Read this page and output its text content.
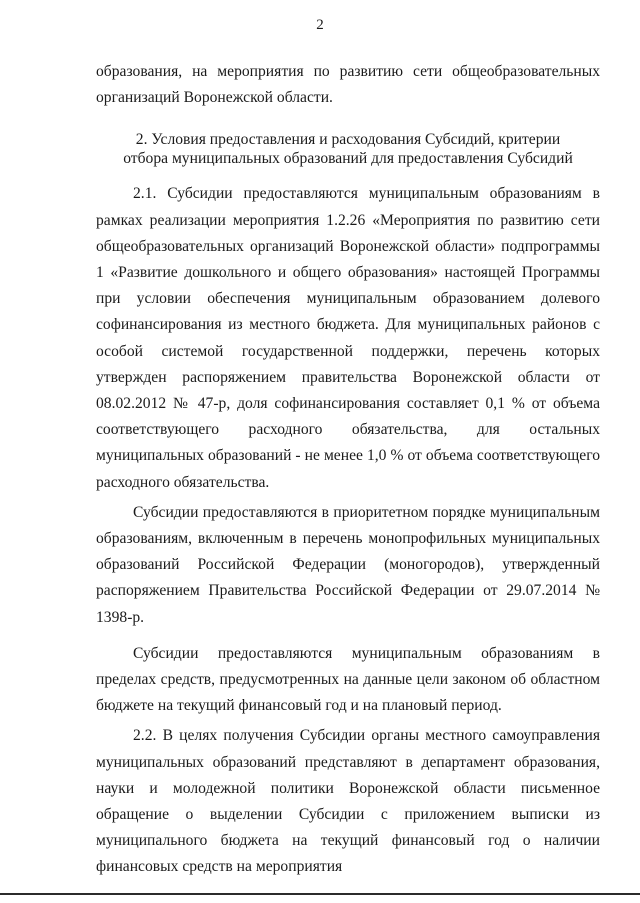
2

образования, на мероприятия по развитию сети общеобразовательных организаций Воронежской области.

2. Условия предоставления и расходования Субсидий, критерии
отбора муниципальных образований для предоставления Субсидий

2.1. Субсидии предоставляются муниципальным образованиям в рамках реализации мероприятия 1.2.26 «Мероприятия по развитию сети общеобразовательных организаций Воронежской области» подпрограммы 1 «Развитие дошкольного и общего образования» настоящей Программы при условии обеспечения муниципальным образованием долевого софинансирования из местного бюджета. Для муниципальных районов с особой системой государственной поддержки, перечень которых утвержден распоряжением правительства Воронежской области от 08.02.2012 № 47-р, доля софинансирования составляет 0,1 % от объема соответствующего расходного обязательства, для остальных муниципальных образований - не менее 1,0 % от объема соответствующего расходного обязательства.

Субсидии предоставляются в приоритетном порядке муниципальным образованиям, включенным в перечень монопрофильных муниципальных образований Российской Федерации (моногородов), утвержденный распоряжением Правительства Российской Федерации от 29.07.2014 № 1398-р.

Субсидии предоставляются муниципальным образованиям в пределах средств, предусмотренных на данные цели законом об областном бюджете на текущий финансовый год и на плановый период.

2.2. В целях получения Субсидии органы местного самоуправления муниципальных образований представляют в департамент образования, науки и молодежной политики Воронежской области письменное обращение о выделении Субсидии с приложением выписки из муниципального бюджета на текущий финансовый год о наличии финансовых средств на мероприятия
